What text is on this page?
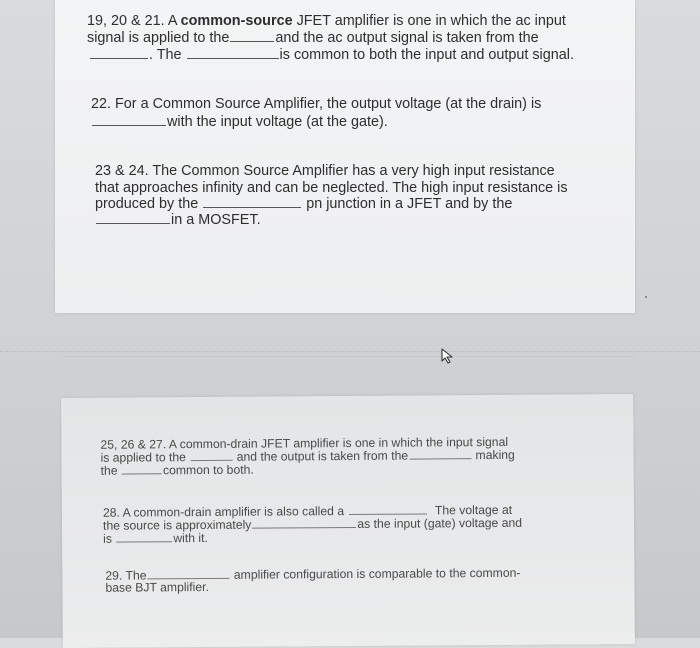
19, 20 & 21. A common-source JFET amplifier is one in which the ac input
signal is applied to the	and the ac output signal is taken from the
. The	is common to both the input and output signal.
22. For a Common Source Amplifier, the output voltage (at the drain) is
with the input voltage (at the gate).
23 & 24. The Common Source Amplifier has a very high input resistance
that approaches infinity and can be neglected. The high input resistance is
produced by the	pn junction in a JFET and by the
in a MOSFET.
25, 26 & 27. A common-drain JFET amplifier is one in which the input signal
is applied to the	and the output is taken from the	making
the	common to both.
28. A common-drain amplifier is also called a	The voltage at
the source is approximately	as the input (gate) voltage and
is	with it.
29. The	amplifier configuration is comparable to the common-
base BJT amplifier.
